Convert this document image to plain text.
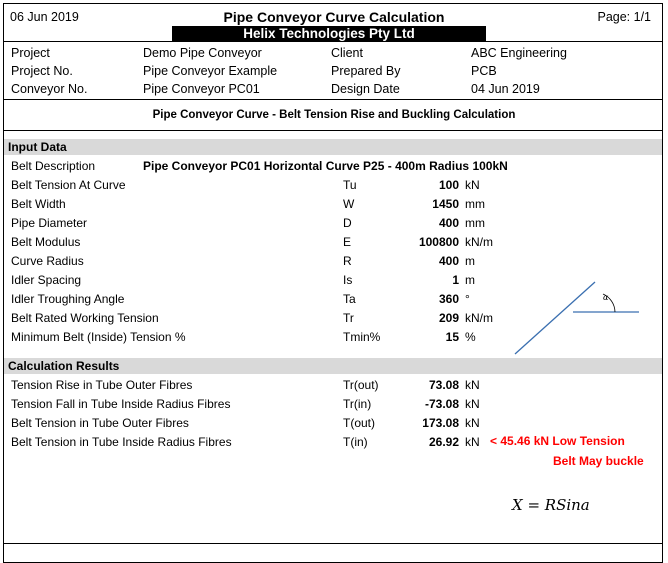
06 Jun 2019	Pipe Conveyor Curve Calculation	Page: 1/1
Helix Technologies Pty Ltd
Project	Demo Pipe Conveyor	Client	ABC Engineering
Project No.	Pipe Conveyor Example	Prepared By	PCB
Conveyor No.	Pipe Conveyor PC01	Design Date	04 Jun 2019
Pipe Conveyor Curve - Belt Tension Rise and Buckling Calculation
Input Data
Belt Description	Pipe Conveyor PC01 Horizontal Curve P25 - 400m Radius 100kN
Belt Tension At Curve	Tu	100 kN
Belt Width	W	1450 mm
Pipe Diameter	D	400 mm
Belt Modulus	E	100800 kN/m
Curve Radius	R	400 m
Idler Spacing	Is	1 m
Idler Troughing Angle	Ta	360 °
Belt Rated Working Tension	Tr	209 kN/m
Minimum Belt (Inside) Tension %	Tmin%	15 %
α
Calculation Results
Tension Rise in Tube Outer Fibres	Tr(out)	73.08 kN
Tension Fall in Tube Inside Radius Fibres	Tr(in)	-73.08 kN
Belt Tension in Tube Outer Fibres	T(out)	173.08 kN
Belt Tension in Tube Inside Radius Fibres	T(in)	26.92 kN < 45.46 kN Low Tension
Belt May buckle
X = RSina
